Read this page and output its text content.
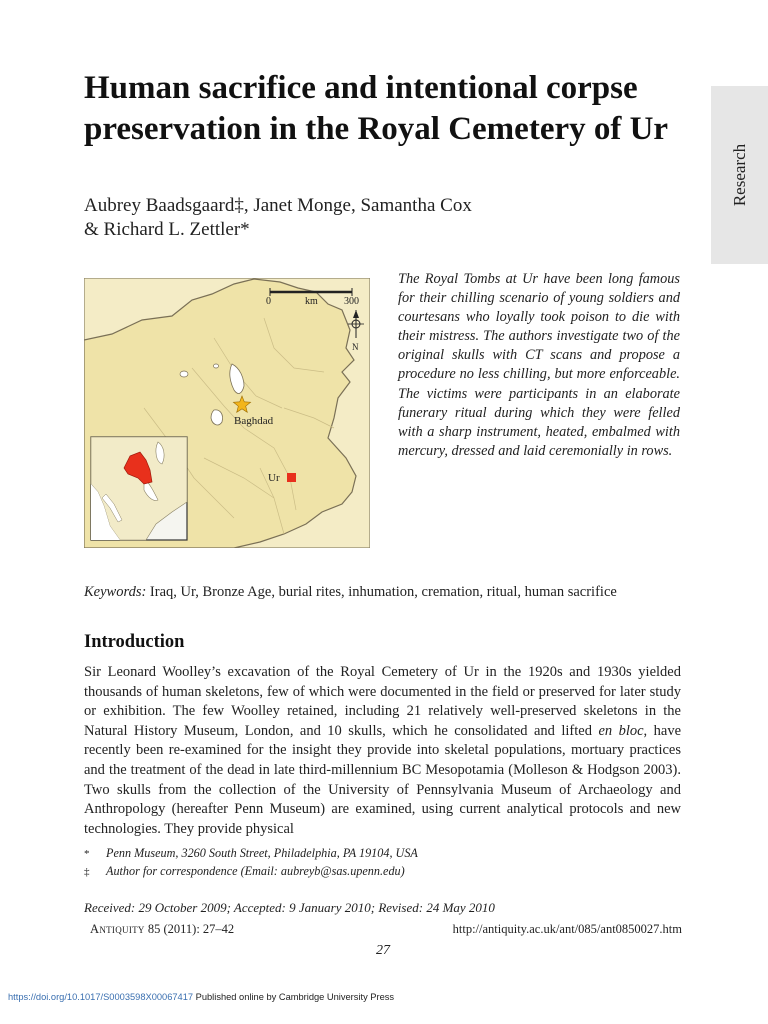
Human sacrifice and intentional corpse preservation in the Royal Cemetery of Ur
Aubrey Baadsgaard‡, Janet Monge, Samantha Cox
& Richard L. Zettler*
Research
0	km	300
N
Baghdad
Ur
The Royal Tombs at Ur have been long famous for their chilling scenario of young soldiers and courtesans who loyally took poison to die with their mistress. The authors investigate two of the original skulls with CT scans and propose a procedure no less chilling, but more enforceable. The victims were participants in an elaborate funerary ritual during which they were felled with a sharp instrument, heated, embalmed with mercury, dressed and laid ceremonially in rows.
Keywords: Iraq, Ur, Bronze Age, burial rites, inhumation, cremation, ritual, human sacrifice
Introduction

Sir Leonard Woolley’s excavation of the Royal Cemetery of Ur in the 1920s and 1930s yielded thousands of human skeletons, few of which were documented in the field or preserved for later study or exhibition. The few Woolley retained, including 21 relatively well-preserved skeletons in the Natural History Museum, London, and 10 skulls, which he consolidated and lifted en bloc, have recently been re-examined for the insight they provide into skeletal populations, mortuary practices and the treatment of the dead in late third-millennium BC Mesopotamia (Molleson & Hodgson 2003). Two skulls from the collection of the University of Pennsylvania Museum of Archaeology and Anthropology (hereafter Penn Museum) are examined, using current analytical protocols and new technologies. They provide physical

* Penn Museum, 3260 South Street, Philadelphia, PA 19104, USA
‡ Author for correspondence (Email: aubreyb@sas.upenn.edu)
Received: 29 October 2009; Accepted: 9 January 2010; Revised: 24 May 2010
Antiquity 85 (2011): 27–42	http://antiquity.ac.uk/ant/085/ant0850027.htm
27
https://doi.org/10.1017/S0003598X00067417 Published online by Cambridge University Press
